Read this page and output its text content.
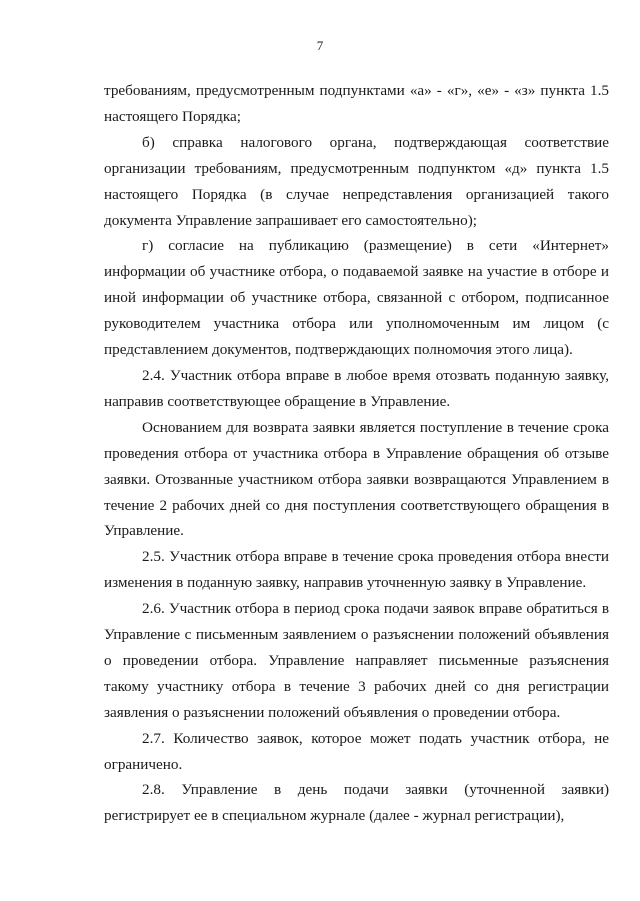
7

требованиям, предусмотренным подпунктами «а» - «г», «е» - «з» пункта 1.5 настоящего Порядка;

б) справка налогового органа, подтверждающая соответствие организации требованиям, предусмотренным подпунктом «д» пункта 1.5 настоящего Порядка (в случае непредставления организацией такого документа Управление запрашивает его самостоятельно);

г) согласие на публикацию (размещение) в сети «Интернет» информации об участнике отбора, о подаваемой заявке на участие в отборе и иной информации об участнике отбора, связанной с отбором, подписанное руководителем участника отбора или уполномоченным им лицом (с представлением документов, подтверждающих полномочия этого лица).

2.4. Участник отбора вправе в любое время отозвать поданную заявку, направив соответствующее обращение в Управление.

Основанием для возврата заявки является поступление в течение срока проведения отбора от участника отбора в Управление обращения об отзыве заявки. Отозванные участником отбора заявки возвращаются Управлением в течение 2 рабочих дней со дня поступления соответствующего обращения в Управление.

2.5. Участник отбора вправе в течение срока проведения отбора внести изменения в поданную заявку, направив уточненную заявку в Управление.

2.6. Участник отбора в период срока подачи заявок вправе обратиться в Управление с письменным заявлением о разъяснении положений объявления о проведении отбора. Управление направляет письменные разъяснения такому участнику отбора в течение 3 рабочих дней со дня регистрации заявления о разъяснении положений объявления о проведении отбора.

2.7. Количество заявок, которое может подать участник отбора, не ограничено.

2.8. Управление в день подачи заявки (уточненной заявки) регистрирует ее в специальном журнале (далее - журнал регистрации),
